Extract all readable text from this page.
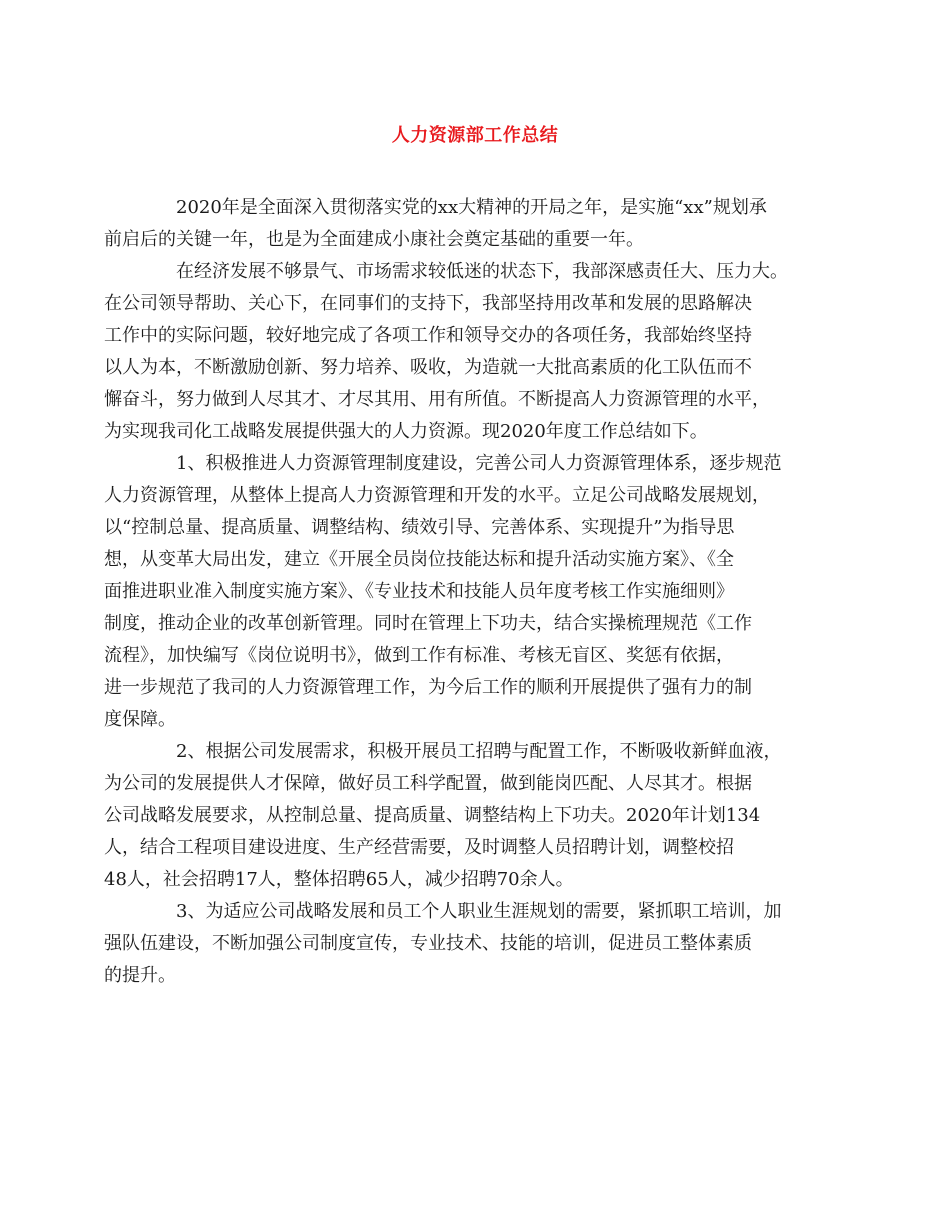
人力资源部工作总结

2020年是全面深入贯彻落实党的xx大精神的开局之年，是实施“xx”规划承
前启后的关键一年，也是为全面建成小康社会奠定基础的重要一年。

在经济发展不够景气、市场需求较低迷的状态下，我部深感责任大、压力大。
在公司领导帮助、关心下，在同事们的支持下，我部坚持用改革和发展的思路解决
工作中的实际问题，较好地完成了各项工作和领导交办的各项任务，我部始终坚持
以人为本，不断激励创新、努力培养、吸收，为造就一大批高素质的化工队伍而不
懈奋斗，努力做到人尽其才、才尽其用、用有所值。不断提高人力资源管理的水平，
为实现我司化工战略发展提供强大的人力资源。现2020年度工作总结如下。

1、积极推进人力资源管理制度建设，完善公司人力资源管理体系，逐步规范
人力资源管理，从整体上提高人力资源管理和开发的水平。立足公司战略发展规划，
以“控制总量、提高质量、调整结构、绩效引导、完善体系、实现提升”为指导思
想，从变革大局出发，建立《开展全员岗位技能达标和提升活动实施方案》、《全
面推进职业准入制度实施方案》、《专业技术和技能人员年度考核工作实施细则》
制度，推动企业的改革创新管理。同时在管理上下功夫，结合实操梳理规范《工作
流程》，加快编写《岗位说明书》，做到工作有标准、考核无盲区、奖惩有依据，
进一步规范了我司的人力资源管理工作，为今后工作的顺利开展提供了强有力的制
度保障。

2、根据公司发展需求，积极开展员工招聘与配置工作，不断吸收新鲜血液，
为公司的发展提供人才保障，做好员工科学配置，做到能岗匹配、人尽其才。根据
公司战略发展要求，从控制总量、提高质量、调整结构上下功夫。2020年计划134
人，结合工程项目建设进度、生产经营需要，及时调整人员招聘计划，调整校招
48人，社会招聘17人，整体招聘65人，减少招聘70余人。

3、为适应公司战略发展和员工个人职业生涯规划的需要，紧抓职工培训，加
强队伍建设，不断加强公司制度宣传，专业技术、技能的培训，促进员工整体素质
的提升。
